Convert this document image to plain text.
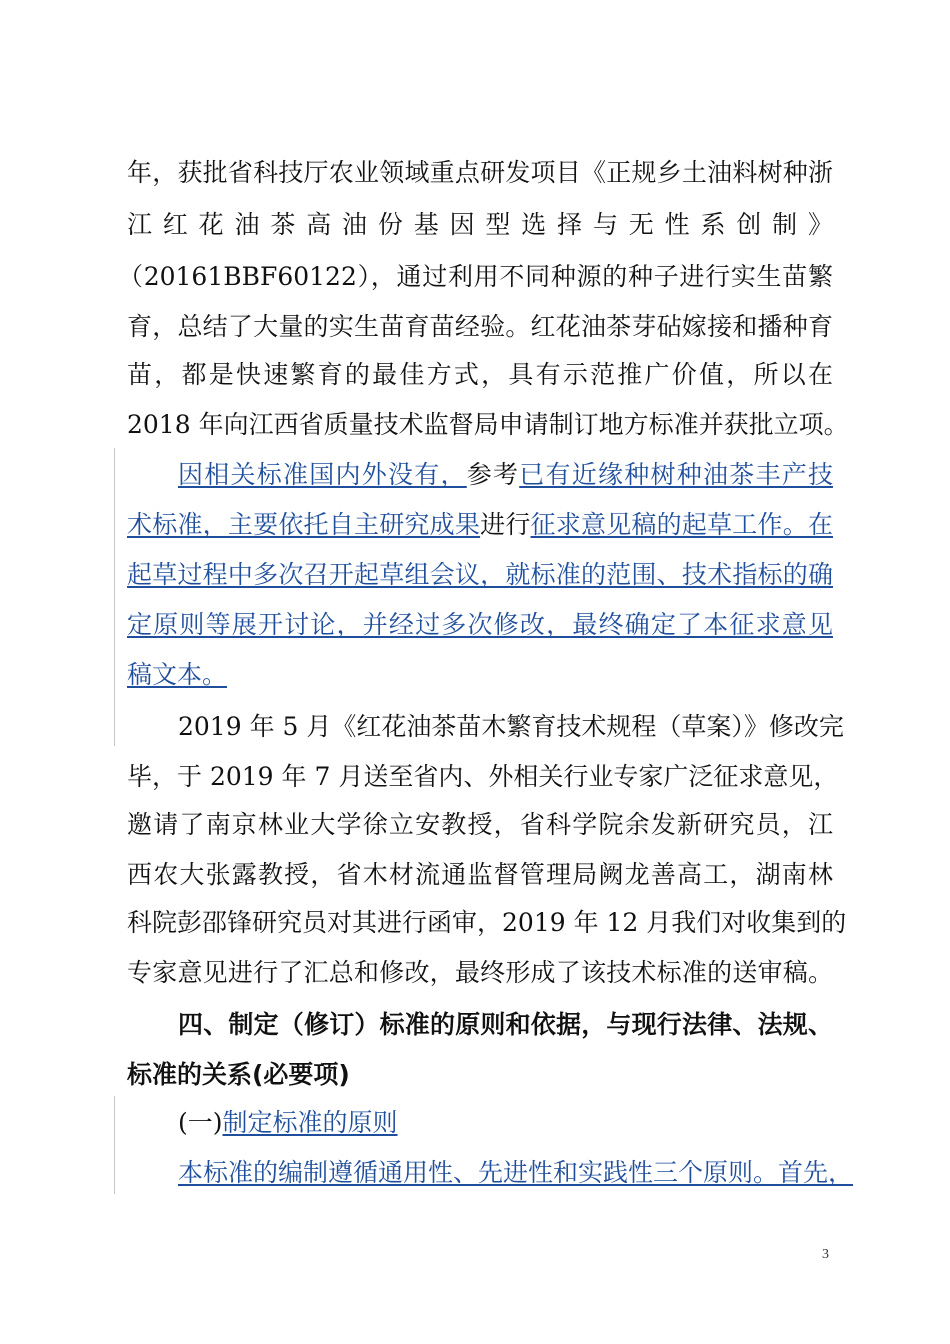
年，获批省科技厅农业领域重点研发项目《正规乡土油料树种浙
江 红 花 油 茶 高 油 份 基 因 型 选 择 与 无 性 系 创 制 》
（20161BBF60122），通过利用不同种源的种子进行实生苗繁
育，总结了大量的实生苗育苗经验。红花油茶芽砧嫁接和播种育
苗，都是快速繁育的最佳方式，具有示范推广价值，所以在
2018 年向江西省质量技术监督局申请制订地方标准并获批立项。
因相关标准国内外没有，参考已有近缘种树种油茶丰产技
术标准，主要依托自主研究成果进行征求意见稿的起草工作。在
起草过程中多次召开起草组会议，就标准的范围、技术指标的确
定原则等展开讨论，并经过多次修改，最终确定了本征求意见
稿文本。
2019 年 5 月《红花油茶苗木繁育技术规程（草案）》修改完
毕，于 2019 年 7 月送至省内、外相关行业专家广泛征求意见，
邀请了南京林业大学徐立安教授，省科学院余发新研究员，江
西农大张露教授，省木材流通监督管理局阙龙善高工，湖南林
科院彭邵锋研究员对其进行函审，2019 年 12 月我们对收集到的
专家意见进行了汇总和修改，最终形成了该技术标准的送审稿。
四、制定（修订）标准的原则和依据，与现行法律、法规、
标准的关系(必要项)
(一)制定标准的原则
本标准的编制遵循通用性、先进性和实践性三个原则。首先，
3
